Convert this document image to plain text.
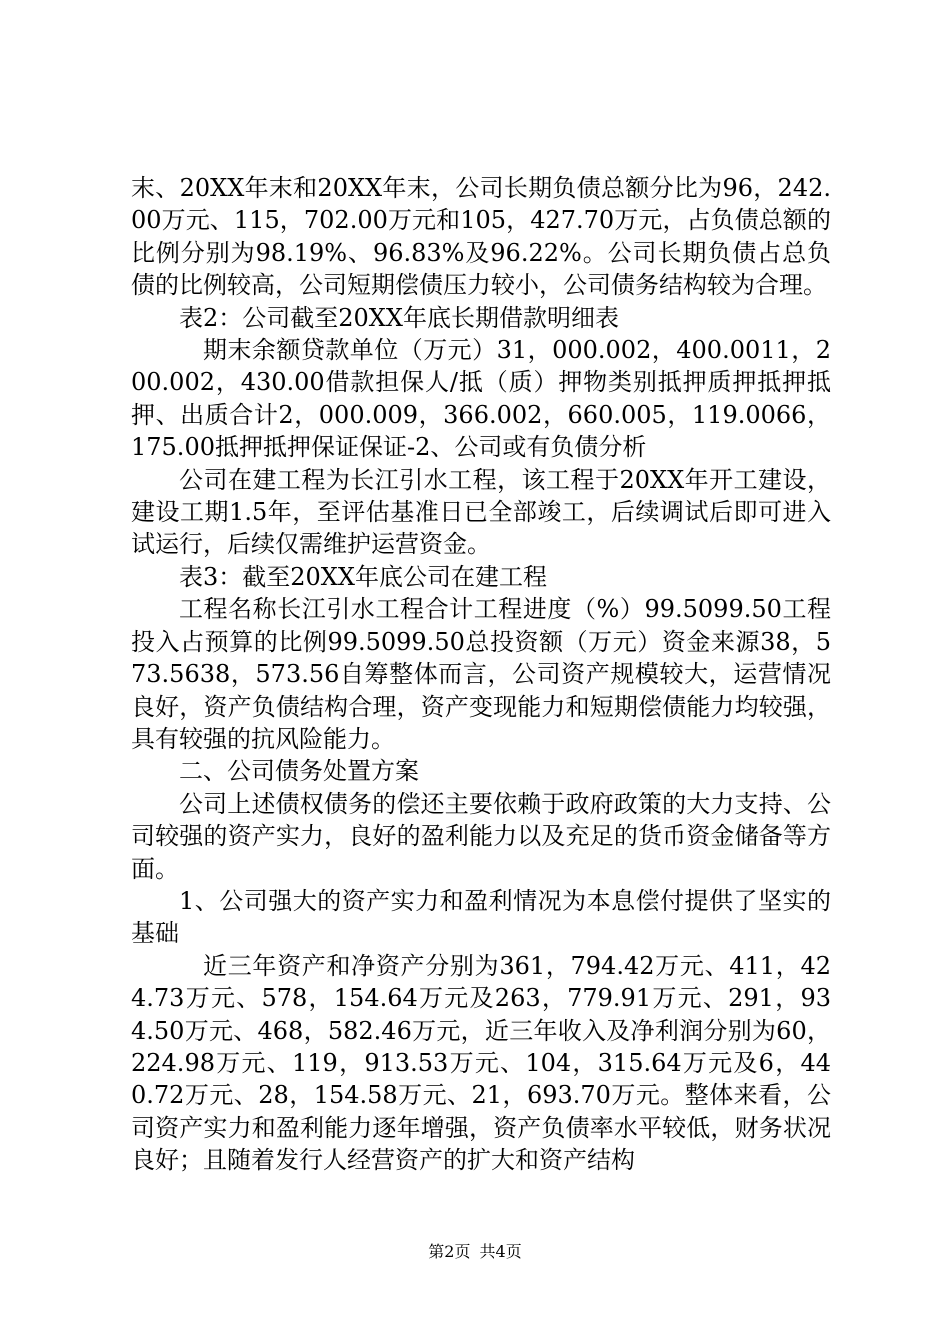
末、20XX年末和20XX年末，公司长期负债总额分比为96，242.00万元、115，702.00万元和105，427.70万元，占负债总额的比例分别为98.19%、96.83%及96.22%。公司长期负债占总负债的比例较高，公司短期偿债压力较小，公司债务结构较为合理。

表2：公司截至20XX年底长期借款明细表

期末余额贷款单位（万元）31，000.002，400.0011，200.002，430.00借款担保人/抵（质）押物类别抵押质押抵押抵押、出质合计2，000.009，366.002，660.005，119.0066，175.00抵押抵押保证保证-2、公司或有负债分析

公司在建工程为长江引水工程，该工程于20XX年开工建设，建设工期1.5年，至评估基准日已全部竣工，后续调试后即可进入试运行，后续仅需维护运营资金。

表3：截至20XX年底公司在建工程

工程名称长江引水工程合计工程进度（%）99.5099.50工程投入占预算的比例99.5099.50总投资额（万元）资金来源38，573.5638，573.56自筹整体而言，公司资产规模较大，运营情况良好，资产负债结构合理，资产变现能力和短期偿债能力均较强，具有较强的抗风险能力。

二、公司债务处置方案

公司上述债权债务的偿还主要依赖于政府政策的大力支持、公司较强的资产实力，良好的盈利能力以及充足的货币资金储备等方面。

1、公司强大的资产实力和盈利情况为本息偿付提供了坚实的基础

近三年资产和净资产分别为361，794.42万元、411，424.73万元、578，154.64万元及263，779.91万元、291，934.50万元、468，582.46万元，近三年收入及净利润分别为60，224.98万元、119，913.53万元、104，315.64万元及6，440.72万元、28，154.58万元、21，693.70万元。整体来看，公司资产实力和盈利能力逐年增强，资产负债率水平较低，财务状况良好；且随着发行人经营资产的扩大和资产结构

第2页 共4页
